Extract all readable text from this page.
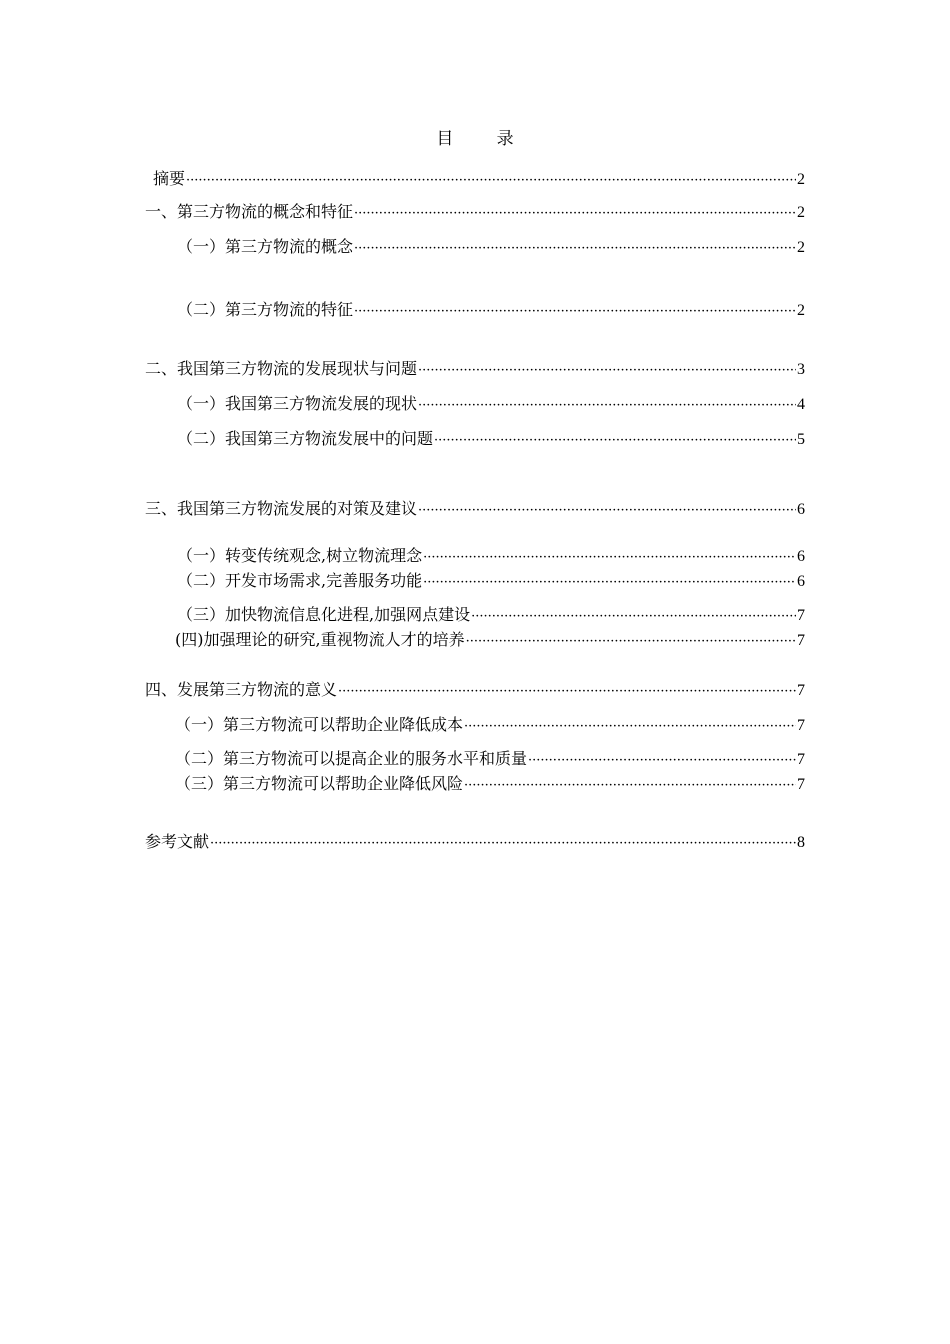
目        录
摘要 ·····	2
一、第三方物流的概念和特征 ·····	2
（一）第三方物流的概念 ·····	2
（二）第三方物流的特征 ·····	2
二、我国第三方物流的发展现状与问题 ·····	3
（一）我国第三方物流发展的现状 ·····	4
（二）我国第三方物流发展中的问题 ·····	5
三、我国第三方物流发展的对策及建议 ·····	6
（一）转变传统观念,树立物流理念 ·····	6
（二）开发市场需求,完善服务功能 ·····	6
（三）加快物流信息化进程,加强网点建设 ·····	7
(四)加强理论的研究,重视物流人才的培养 ·····	7
四、发展第三方物流的意义 ·····	7
（一）第三方物流可以帮助企业降低成本 ·····	7
（二）第三方物流可以提高企业的服务水平和质量 ·····	7
（三）第三方物流可以帮助企业降低风险 ·····	7
参考文献 ·····	8
